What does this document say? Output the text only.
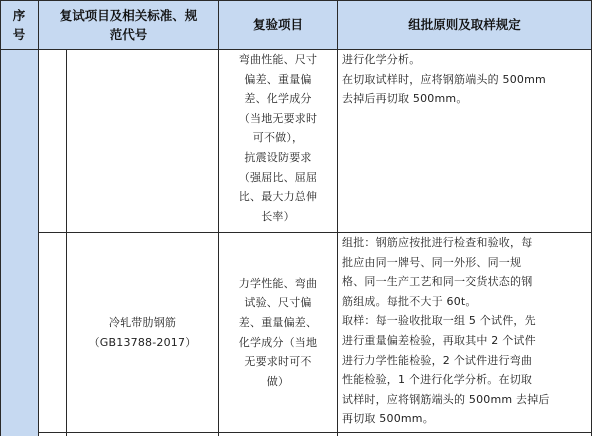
序
号
复试项目及相关标准、规
范代号
复验项目	组批原则及取样规定
弯曲性能、尺寸
偏差、重量偏
差、化学成分
（当地无要求时
可不做），
抗震设防要求
（强屈比、屈屈
比、最大力总伸
长率）
进行化学分析。
在切取试样时，应将钢筋端头的 500mm
去掉后再切取 500mm。
冷轧带肋钢筋
（GB13788-2017）
力学性能、弯曲
试验、尺寸偏
差、重量偏差、
化学成分（当地
无要求时可不
做）
组批：钢筋应按批进行检查和验收，每
批应由同一牌号、同一外形、同一规
格、同一生产工艺和同一交货状态的钢
筋组成。每批不大于 60t。
取样：每一验收批取一组 5 个试件，先
进行重量偏差检验，再取其中 2 个试件
进行力学性能检验，2 个试件进行弯曲
性能检验，1 个进行化学分析。在切取
试样时，应将钢筋端头的 500mm 去掉后
再切取 500mm。
